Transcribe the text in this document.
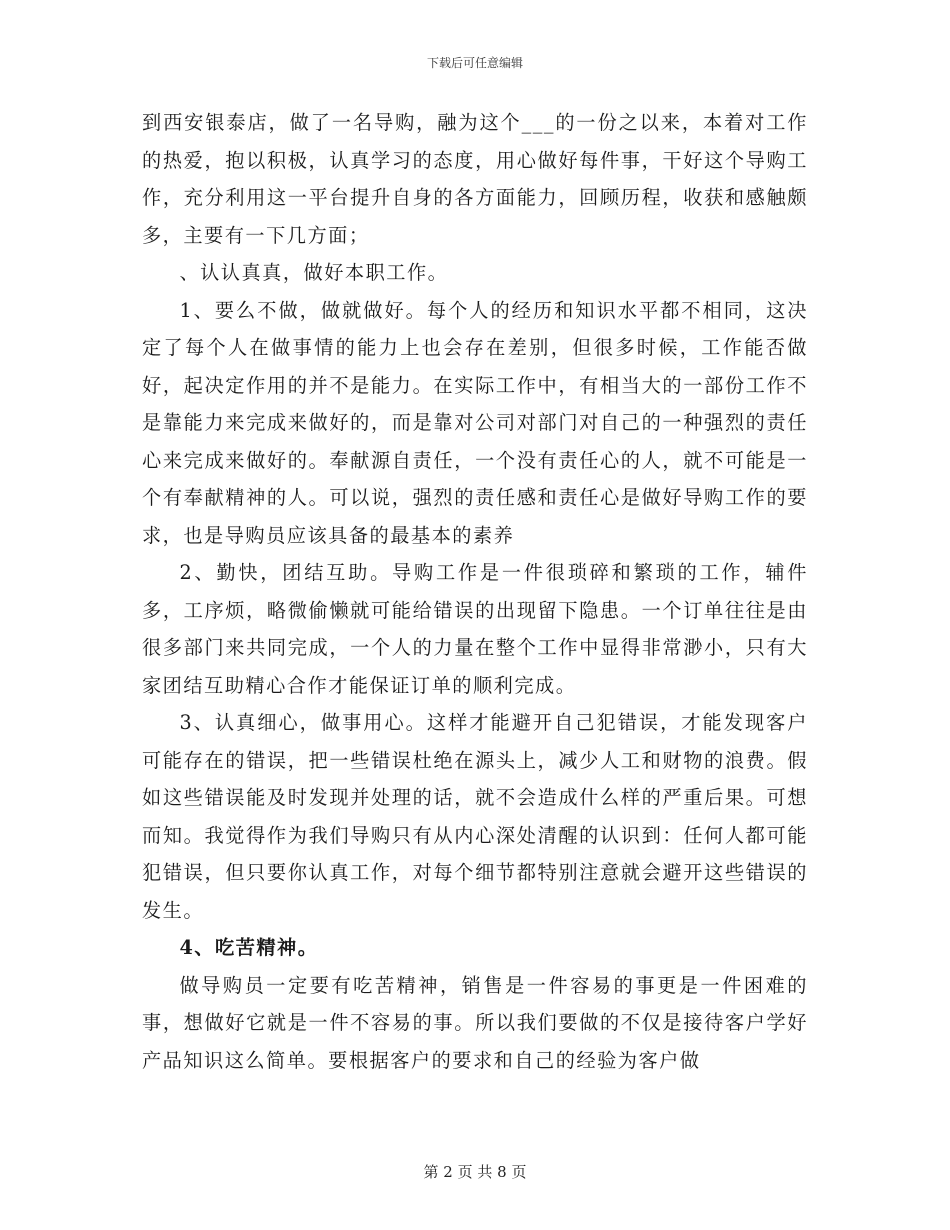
下载后可任意编辑

到西安银泰店，做了一名导购，融为这个___的一份之以来，本着对工作的热爱，抱以积极，认真学习的态度，用心做好每件事，干好这个导购工作，充分利用这一平台提升自身的各方面能力，回顾历程，收获和感触颇多，主要有一下几方面；

、认认真真，做好本职工作。

1、要么不做，做就做好。每个人的经历和知识水平都不相同，这决定了每个人在做事情的能力上也会存在差别，但很多时候，工作能否做好，起决定作用的并不是能力。在实际工作中，有相当大的一部份工作不是靠能力来完成来做好的，而是靠对公司对部门对自己的一种强烈的责任心来完成来做好的。奉献源自责任，一个没有责任心的人，就不可能是一个有奉献精神的人。可以说，强烈的责任感和责任心是做好导购工作的要求，也是导购员应该具备的最基本的素养

2、勤快，团结互助。导购工作是一件很琐碎和繁琐的工作，辅件多，工序烦，略微偷懒就可能给错误的出现留下隐患。一个订单往往是由很多部门来共同完成，一个人的力量在整个工作中显得非常渺小，只有大家团结互助精心合作才能保证订单的顺利完成。

3、认真细心，做事用心。这样才能避开自己犯错误，才能发现客户可能存在的错误，把一些错误杜绝在源头上，减少人工和财物的浪费。假如这些错误能及时发现并处理的话，就不会造成什么样的严重后果。可想而知。我觉得作为我们导购只有从内心深处清醒的认识到：任何人都可能犯错误，但只要你认真工作，对每个细节都特别注意就会避开这些错误的发生。

4、吃苦精神。

做导购员一定要有吃苦精神，销售是一件容易的事更是一件困难的事，想做好它就是一件不容易的事。所以我们要做的不仅是接待客户学好产品知识这么简单。要根据客户的要求和自己的经验为客户做

第 2 页 共 8 页
